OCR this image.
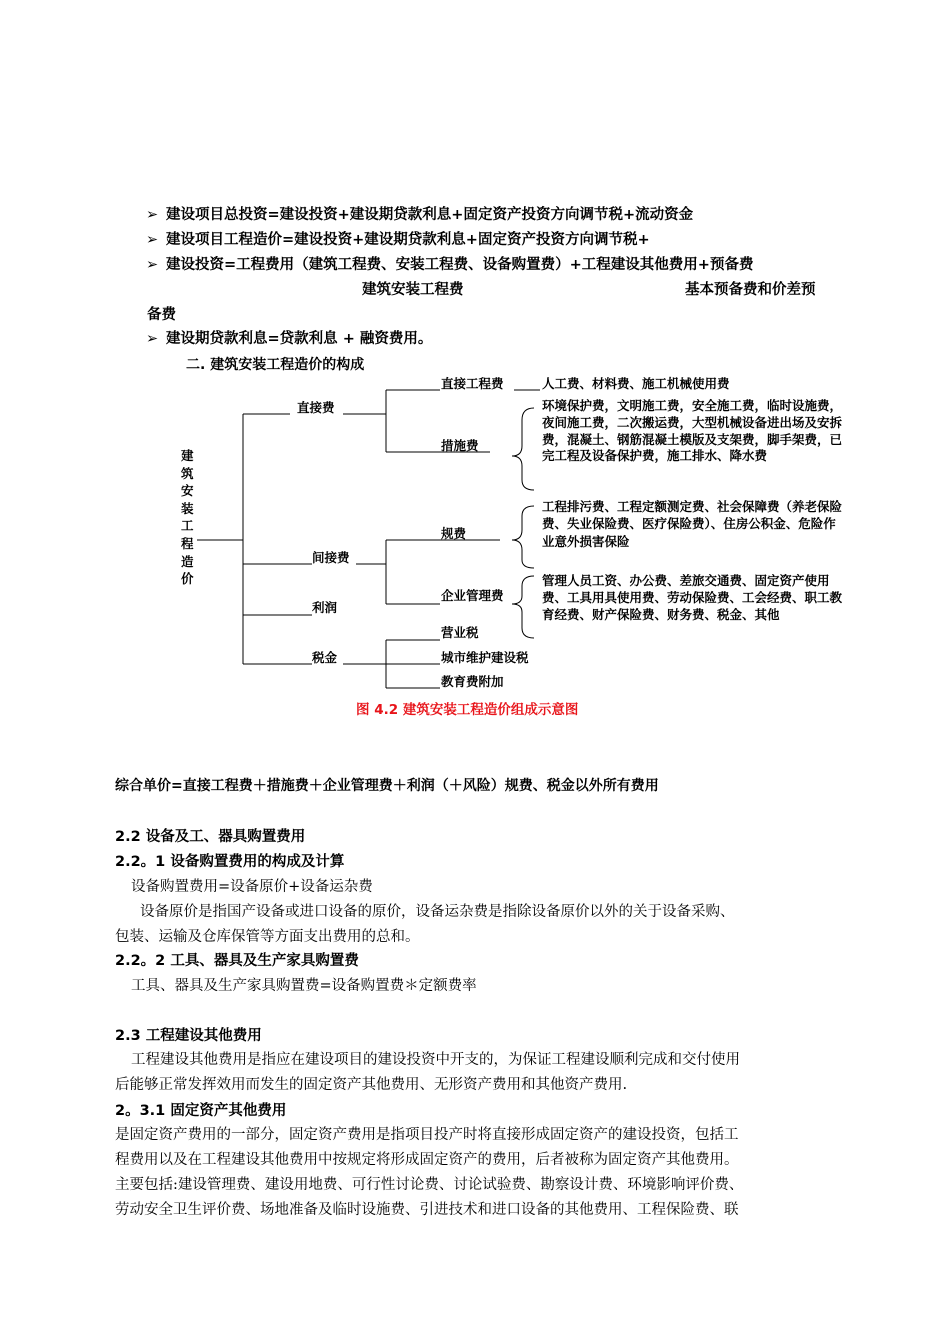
➢ 建设项目总投资=建设投资+建设期贷款利息+固定资产投资方向调节税+流动资金
➢ 建设项目工程造价=建设投资+建设期贷款利息+固定资产投资方向调节税+
➢ 建设投资=工程费用（建筑工程费、安装工程费、设备购置费）+工程建设其他费用+预备费
建筑安装工程费	基本预备费和价差预
备费
➢ 建设期贷款利息=贷款利息 + 融资费用。
二. 建筑安装工程造价的构成
建
筑
安
装
工
程
造
价
直接费
间接费
利润
税金
直接工程费
措施费
规费
企业管理费
营业税
城市维护建设税
教育费附加
人工费、材料费、施工机械使用费
环境保护费，文明施工费，安全施工费，临时设施费，
夜间施工费，二次搬运费，大型机械设备进出场及安拆
费，混凝土、钢筋混凝土模版及支架费，脚手架费，已
完工程及设备保护费，施工排水、降水费
工程排污费、工程定额测定费、社会保障费（养老保险
费、失业保险费、医疗保险费）、住房公积金、危险作
业意外损害保险
管理人员工资、办公费、差旅交通费、固定资产使用
费、工具用具使用费、劳动保险费、工会经费、职工教
育经费、财产保险费、财务费、税金、其他
图 4.2 建筑安装工程造价组成示意图
综合单价=直接工程费＋措施费＋企业管理费＋利润（＋风险）规费、税金以外所有费用
2.2 设备及工、器具购置费用
2.2。1 设备购置费用的构成及计算
设备购置费用=设备原价+设备运杂费
设备原价是指国产设备或进口设备的原价，设备运杂费是指除设备原价以外的关于设备采购、
包装、运输及仓库保管等方面支出费用的总和。
2.2。2 工具、器具及生产家具购置费
工具、器具及生产家具购置费=设备购置费＊定额费率
2.3 工程建设其他费用
工程建设其他费用是指应在建设项目的建设投资中开支的，为保证工程建设顺利完成和交付使用
后能够正常发挥效用而发生的固定资产其他费用、无形资产费用和其他资产费用.
2。3.1 固定资产其他费用
是固定资产费用的一部分，固定资产费用是指项目投产时将直接形成固定资产的建设投资，包括工
程费用以及在工程建设其他费用中按规定将形成固定资产的费用，后者被称为固定资产其他费用。
主要包括:建设管理费、建设用地费、可行性讨论费、讨论试验费、勘察设计费、环境影响评价费、
劳动安全卫生评价费、场地准备及临时设施费、引进技术和进口设备的其他费用、工程保险费、联
